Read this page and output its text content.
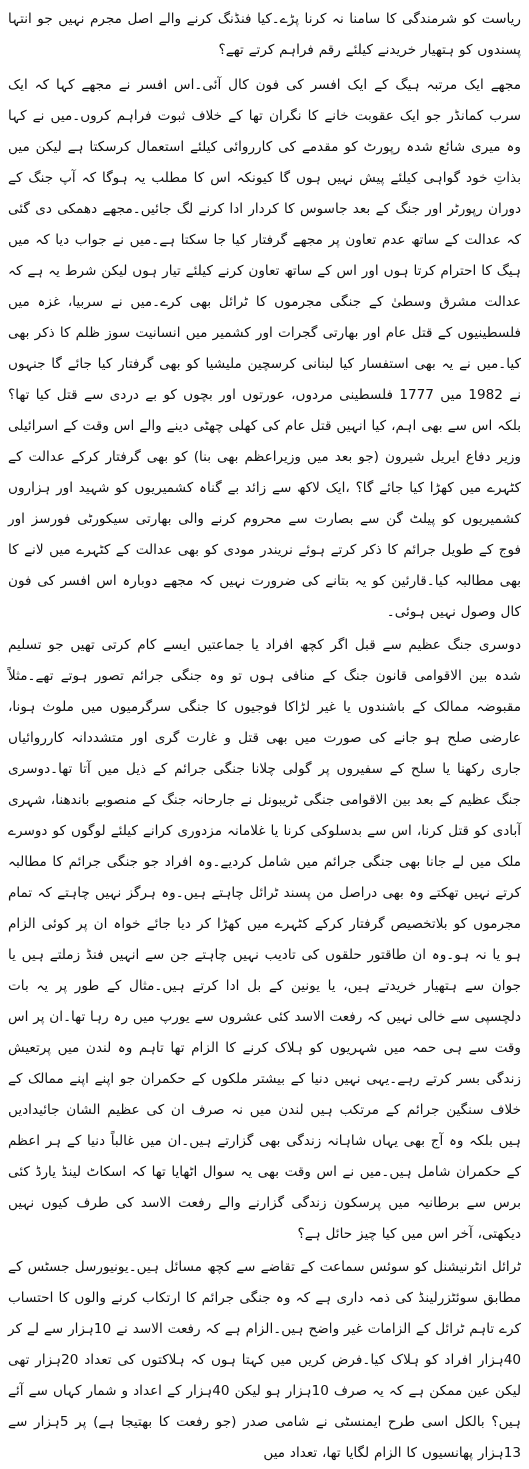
ریاست کو شرمندگی کا سامنا نہ کرنا پڑے۔کیا فنڈنگ کرنے والے اصل مجرم نہیں جو انتہا پسندوں کو ہتھیار خریدنے کیلئے رقم فراہم کرتے تھے؟

مجھے ایک مرتبہ ہیگ کے ایک افسر کی فون کال آئی۔اس افسر نے مجھے کہا کہ ایک سرب کمانڈر جو ایک عقوبت خانے کا نگران تھا کے خلاف ثبوت فراہم کروں۔میں نے کہا وہ میری شائع شدہ رپورٹ کو مقدمے کی کارروائی کیلئے استعمال کرسکتا ہے لیکن میں بذاتِ خود گواہی کیلئے پیش نہیں ہوں گا کیونکہ اس کا مطلب یہ ہوگا کہ آپ جنگ کے دوران رپورٹر اور جنگ کے بعد جاسوس کا کردار ادا کرنے لگ جائیں۔مجھے دھمکی دی گئی کہ عدالت کے ساتھ عدم تعاون پر مجھے گرفتار کیا جا سکتا ہے۔میں نے جواب دیا کہ میں ہیگ کا احترام کرتا ہوں اور اس کے ساتھ تعاون کرنے کیلئے تیار ہوں لیکن شرط یہ ہے کہ عدالت مشرق وسطیٰ کے جنگی مجرموں کا ٹرائل بھی کرے۔میں نے سربیا، غزہ میں فلسطینیوں کے قتل عام اور بھارتی گجرات اور کشمیر میں انسانیت سوز ظلم کا ذکر بھی کیا۔میں نے یہ بھی استفسار کیا لبنانی کرسچین ملیشیا کو بھی گرفتار کیا جائے گا جنہوں نے 1982 میں 1777 فلسطینی مردوں، عورتوں اور بچوں کو بے دردی سے قتل کیا تھا؟ بلکہ اس سے بھی اہم، کیا انہیں قتل عام کی کھلی چھٹی دینے والے اس وقت کے اسرائیلی وزیر دفاع ایریل شیرون (جو بعد میں وزیراعظم بھی بنا) کو بھی گرفتار کرکے عدالت کے کٹہرے میں کھڑا کیا جائے گا؟ ،ایک لاکھ سے زائد بے گناہ کشمیریوں کو شہید اور ہزاروں کشمیریوں کو پیلٹ گن سے بصارت سے محروم کرنے والی بھارتی سیکورٹی فورسز اور فوج کے طویل جرائم کا ذکر کرتے ہوئے نریندر مودی کو بھی عدالت کے کٹہرے میں لانے کا بھی مطالبہ کیا۔قارئین کو یہ بتانے کی ضرورت نہیں کہ مجھے دوبارہ اس افسر کی فون کال وصول نہیں ہوئی۔

دوسری جنگ عظیم سے قبل اگر کچھ افراد یا جماعتیں ایسے کام کرتی تھیں جو تسلیم شدہ بین الاقوامی قانون جنگ کے منافی ہوں تو وہ جنگی جرائم تصور ہوتے تھے۔مثلاً مقبوضہ ممالک کے باشندوں یا غیر لڑاکا فوجیوں کا جنگی سرگرمیوں میں ملوث ہونا، عارضی صلح ہو جانے کی صورت میں بھی قتل و غارت گری اور متشددانہ کارروائیاں جاری رکھنا یا سلح کے سفیروں پر گولی چلانا جنگی جرائم کے ذیل میں آتا تھا۔دوسری جنگ عظیم کے بعد بین الاقوامی جنگی ٹریبونل نے جارحانہ جنگ کے منصوبے باندھنا، شہری آبادی کو قتل کرنا، اس سے بدسلوکی کرنا یا غلامانہ مزدوری کرانے کیلئے لوگوں کو دوسرے ملک میں لے جانا بھی جنگی جرائم میں شامل کردیے۔وہ افراد جو جنگی جرائم کا مطالبہ کرتے نہیں تھکتے وہ بھی دراصل من پسند ٹرائل چاہتے ہیں۔وہ ہرگز نہیں چاہتے کہ تمام مجرموں کو بلاتخصیص گرفتار کرکے کٹہرے میں کھڑا کر دیا جائے خواہ ان پر کوئی الزام ہو یا نہ ہو۔وہ ان طاقتور حلقوں کی تادیب نہیں چاہتے جن سے انہیں فنڈ زملتے ہیں یا جوان سے ہتھیار خریدتے ہیں، یا یونین کے بل ادا کرتے ہیں۔مثال کے طور پر یہ بات دلچسپی سے خالی نہیں کہ رفعت الاسد کئی عشروں سے یورپ میں رہ رہا تھا۔ان پر اس وقت سے ہی حمہ میں شہریوں کو ہلاک کرنے کا الزام تھا تاہم وہ لندن میں پرتعیش زندگی بسر کرتے رہے۔یہی نہیں دنیا کے بیشتر ملکوں کے حکمران جو اپنے اپنے ممالک کے خلاف سنگین جرائم کے مرتکب ہیں لندن میں نہ صرف ان کی عظیم الشان جائیدادیں ہیں بلکہ وہ آج بھی یہاں شاہانہ زندگی بھی گزارتے ہیں۔ان میں غالباً دنیا کے ہر اعظم کے حکمران شامل ہیں۔میں نے اس وقت بھی یہ سوال اٹھایا تھا کہ اسکاٹ لینڈ یارڈ کئی برس سے برطانیہ میں پرسکون زندگی گزارنے والے رفعت الاسد کی طرف کیوں نہیں دیکھتی، آخر اس میں کیا چیز حائل ہے؟

ٹرائل انٹرنیشنل کو سوئس سماعت کے تقاضے سے کچھ مسائل ہیں۔یونیورسل جسٹس کے مطابق سوئٹزرلینڈ کی ذمہ داری ہے کہ وہ جنگی جرائم کا ارتکاب کرنے والوں کا احتساب کرے تاہم ٹرائل کے الزامات غیر واضح ہیں۔الزام ہے کہ رفعت الاسد نے 10ہزار سے لے کر 40ہزار افراد کو ہلاک کیا۔فرض کریں میں کہتا ہوں کہ ہلاکتوں کی تعداد 20ہزار تھی لیکن عین ممکن ہے کہ یہ صرف 10ہزار ہو لیکن 40ہزار کے اعداد و شمار کہاں سے آئے ہیں؟ بالکل اسی طرح ایمنسٹی نے شامی صدر (جو رفعت کا بھتیجا ہے) پر 5ہزار سے 13ہزار پھانسیوں کا الزام لگایا تھا، تعداد میں
